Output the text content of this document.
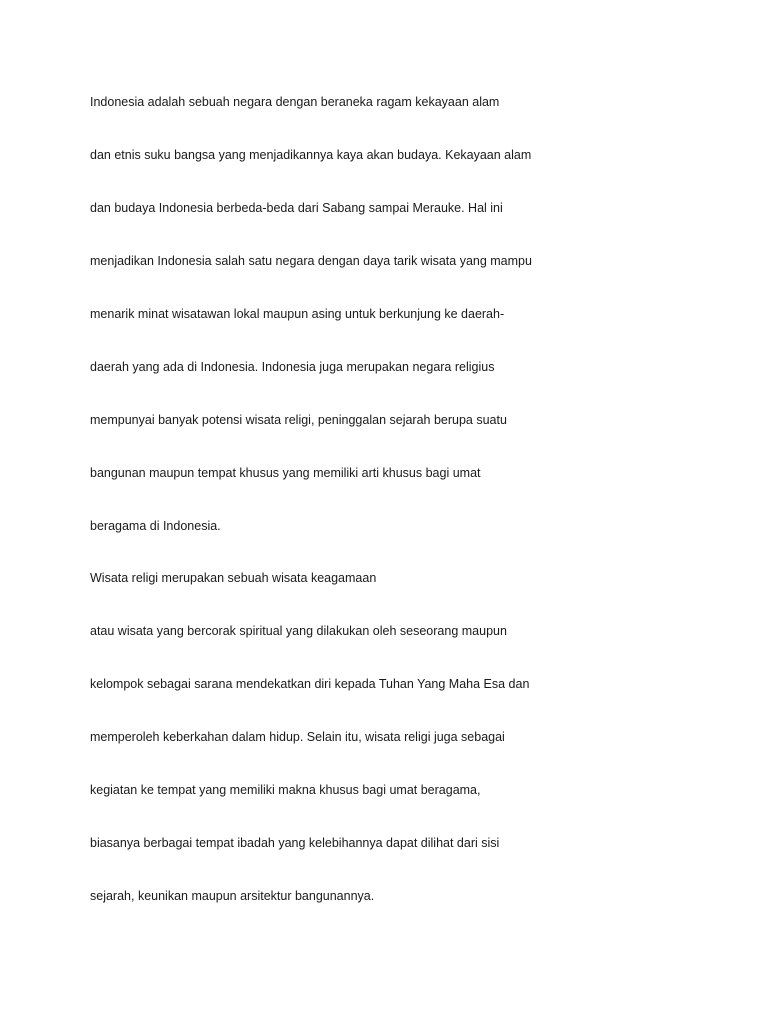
Indonesia adalah sebuah negara dengan beraneka ragam kekayaan alam

dan etnis suku bangsa yang menjadikannya kaya akan budaya. Kekayaan alam

dan budaya Indonesia berbeda-beda dari Sabang sampai Merauke. Hal ini

menjadikan Indonesia salah satu negara dengan daya tarik wisata yang mampu

menarik minat wisatawan lokal maupun asing untuk berkunjung ke daerah-

daerah yang ada di Indonesia. Indonesia juga merupakan negara religius

mempunyai banyak potensi wisata religi, peninggalan sejarah berupa suatu

bangunan maupun tempat khusus yang memiliki arti khusus bagi umat

beragama di Indonesia.

Wisata religi merupakan sebuah wisata keagamaan

atau wisata yang bercorak spiritual yang dilakukan oleh seseorang maupun

kelompok sebagai sarana mendekatkan diri kepada Tuhan Yang Maha Esa dan

memperoleh keberkahan dalam hidup. Selain itu, wisata religi juga sebagai

kegiatan ke tempat yang memiliki makna khusus bagi umat beragama,

biasanya berbagai tempat ibadah yang kelebihannya dapat dilihat dari sisi

sejarah, keunikan maupun arsitektur bangunannya.
